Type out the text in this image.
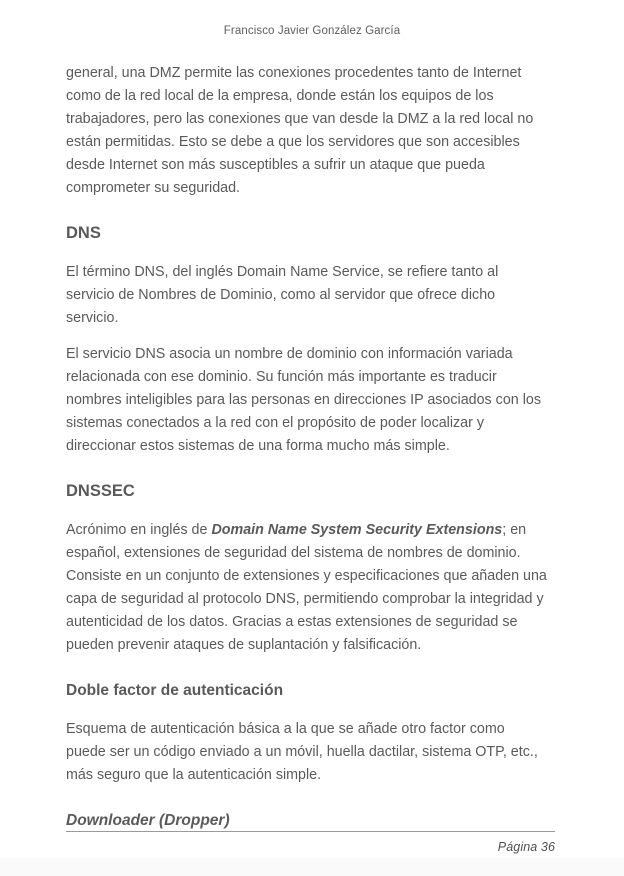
Francisco Javier González García

general, una DMZ permite las conexiones procedentes tanto de Internet como de la red local de la empresa, donde están los equipos de los trabajadores, pero las conexiones que van desde la DMZ a la red local no están permitidas. Esto se debe a que los servidores que son accesibles desde Internet son más susceptibles a sufrir un ataque que pueda comprometer su seguridad.

DNS

El término DNS, del inglés Domain Name Service, se refiere tanto al servicio de Nombres de Dominio, como al servidor que ofrece dicho servicio.

El servicio DNS asocia un nombre de dominio con información variada relacionada con ese dominio. Su función más importante es traducir nombres inteligibles para las personas en direcciones IP asociados con los sistemas conectados a la red con el propósito de poder localizar y direccionar estos sistemas de una forma mucho más simple.

DNSSEC

Acrónimo en inglés de Domain Name System Security Extensions; en español, extensiones de seguridad del sistema de nombres de dominio. Consiste en un conjunto de extensiones y especificaciones que añaden una capa de seguridad al protocolo DNS, permitiendo comprobar la integridad y autenticidad de los datos. Gracias a estas extensiones de seguridad se pueden prevenir ataques de suplantación y falsificación.

Doble factor de autenticación

Esquema de autenticación básica a la que se añade otro factor como puede ser un código enviado a un móvil, huella dactilar, sistema OTP, etc., más seguro que la autenticación simple.

Downloader (Dropper)
Página 36
